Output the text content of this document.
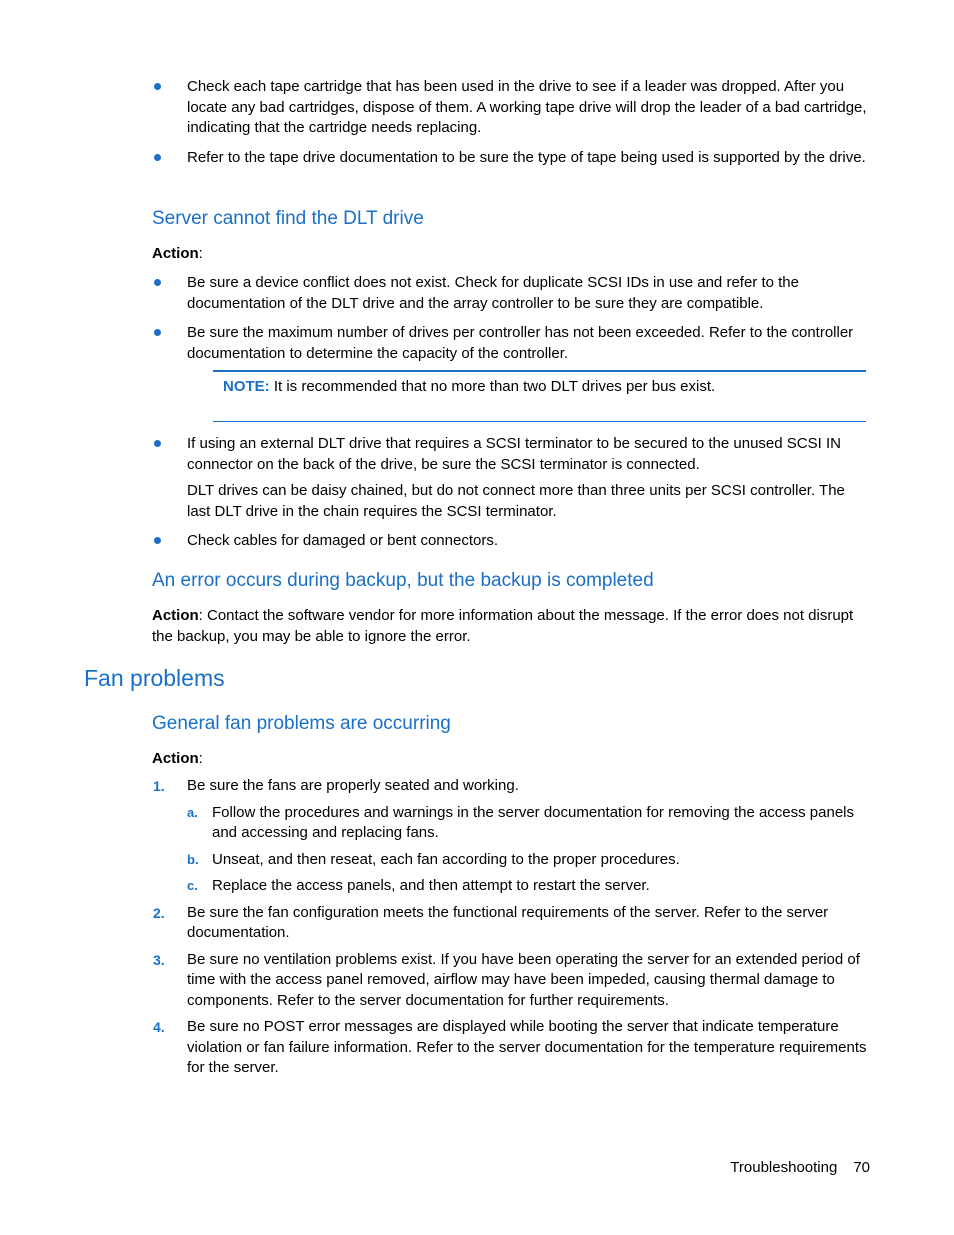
Check each tape cartridge that has been used in the drive to see if a leader was dropped. After you locate any bad cartridges, dispose of them. A working tape drive will drop the leader of a bad cartridge, indicating that the cartridge needs replacing.
Refer to the tape drive documentation to be sure the type of tape being used is supported by the drive.
Server cannot find the DLT drive
Action:
Be sure a device conflict does not exist. Check for duplicate SCSI IDs in use and refer to the documentation of the DLT drive and the array controller to be sure they are compatible.
Be sure the maximum number of drives per controller has not been exceeded. Refer to the controller documentation to determine the capacity of the controller.
NOTE: It is recommended that no more than two DLT drives per bus exist.
If using an external DLT drive that requires a SCSI terminator to be secured to the unused SCSI IN connector on the back of the drive, be sure the SCSI terminator is connected.
DLT drives can be daisy chained, but do not connect more than three units per SCSI controller. The last DLT drive in the chain requires the SCSI terminator.
Check cables for damaged or bent connectors.
An error occurs during backup, but the backup is completed
Action: Contact the software vendor for more information about the message. If the error does not disrupt the backup, you may be able to ignore the error.
Fan problems
General fan problems are occurring
Action:
1. Be sure the fans are properly seated and working.
a. Follow the procedures and warnings in the server documentation for removing the access panels and accessing and replacing fans.
b. Unseat, and then reseat, each fan according to the proper procedures.
c. Replace the access panels, and then attempt to restart the server.
2. Be sure the fan configuration meets the functional requirements of the server. Refer to the server documentation.
3. Be sure no ventilation problems exist. If you have been operating the server for an extended period of time with the access panel removed, airflow may have been impeded, causing thermal damage to components. Refer to the server documentation for further requirements.
4. Be sure no POST error messages are displayed while booting the server that indicate temperature violation or fan failure information. Refer to the server documentation for the temperature requirements for the server.
Troubleshooting 70
